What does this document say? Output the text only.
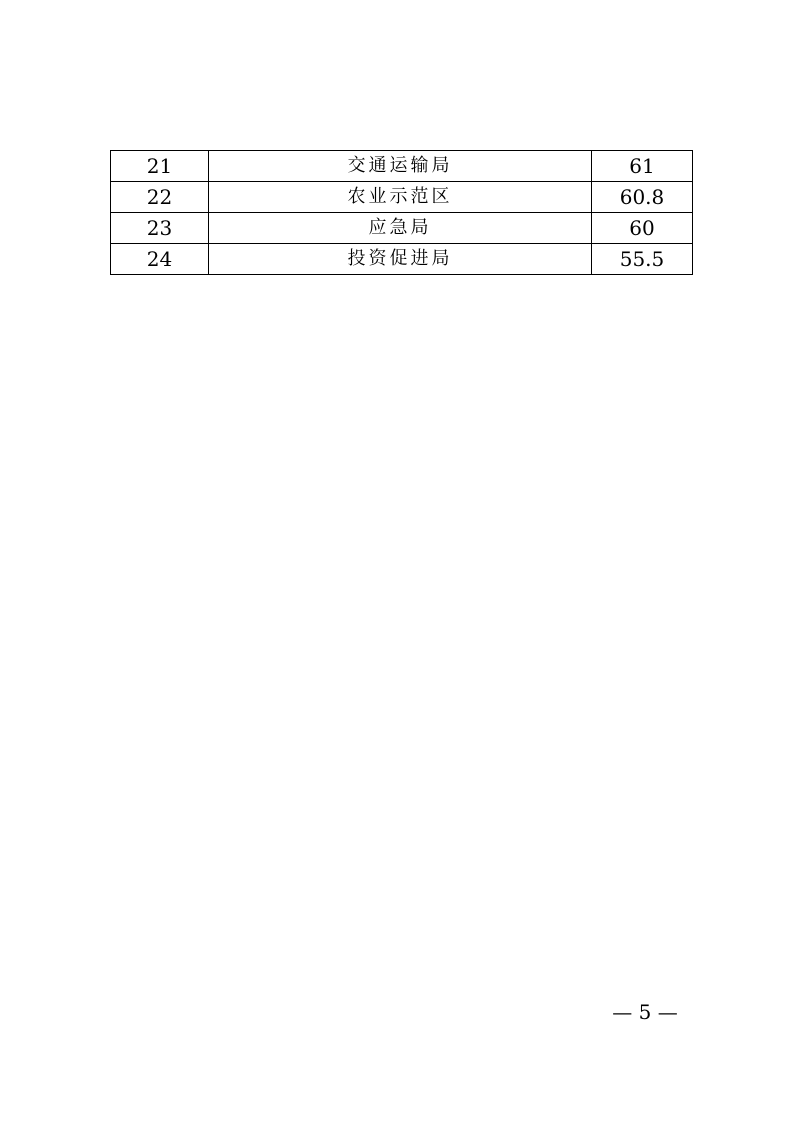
21	交通运输局	61
22	农业示范区	60.8
23	应急局	60
24	投资促进局	55.5
— 5 —
